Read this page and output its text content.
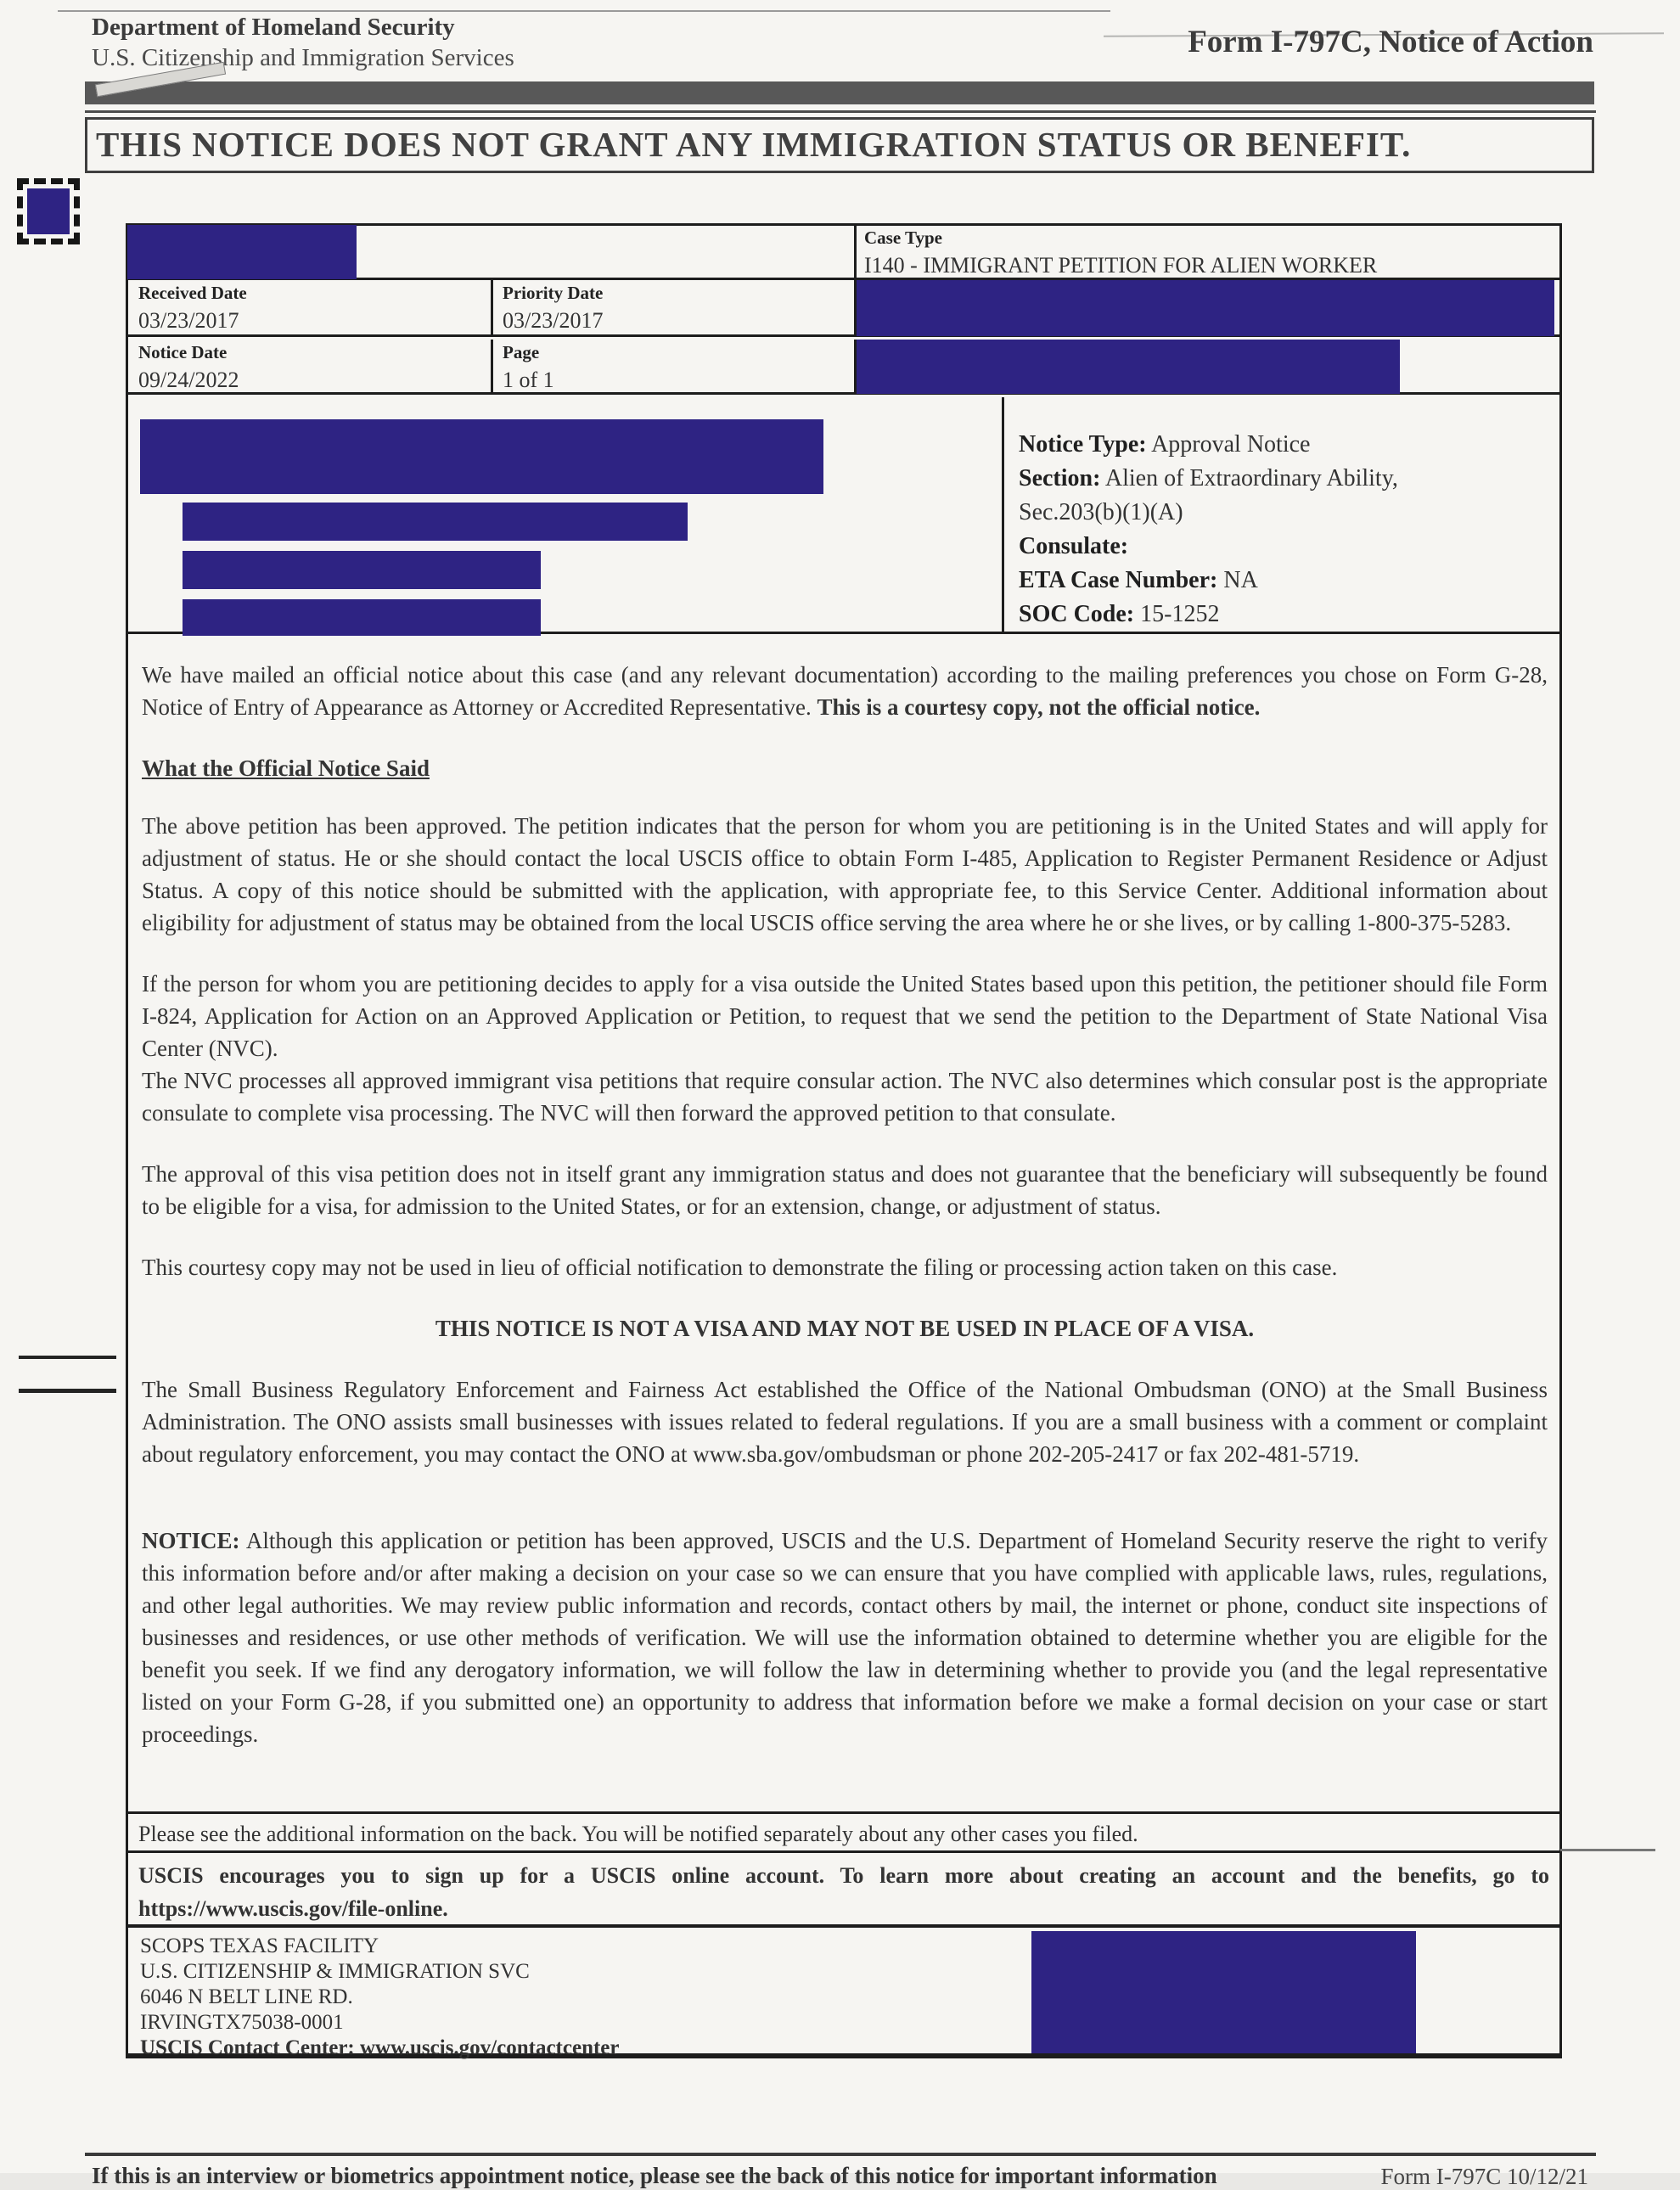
Department of Homeland Security
U.S. Citizenship and Immigration Services	Form I-797C, Notice of Action
THIS NOTICE DOES NOT GRANT ANY IMMIGRATION STATUS OR BENEFIT.
Case Type
I140 - IMMIGRANT PETITION FOR ALIEN WORKER
Received Date
03/23/2017
Priority Date
03/23/2017
Notice Date
09/24/2022
Page
1 of 1
Notice Type: Approval Notice
Section: Alien of Extraordinary Ability,
Sec.203(b)(1)(A)
Consulate:
ETA Case Number: NA
SOC Code: 15-1252

We have mailed an official notice about this case (and any relevant documentation) according to the mailing preferences you chose on Form G-28, Notice of Entry of Appearance as Attorney or Accredited Representative. This is a courtesy copy, not the official notice.

What the Official Notice Said

The above petition has been approved. The petition indicates that the person for whom you are petitioning is in the United States and will apply for adjustment of status. He or she should contact the local USCIS office to obtain Form I-485, Application to Register Permanent Residence or Adjust Status. A copy of this notice should be submitted with the application, with appropriate fee, to this Service Center. Additional information about eligibility for adjustment of status may be obtained from the local USCIS office serving the area where he or she lives, or by calling 1-800-375-5283.

If the person for whom you are petitioning decides to apply for a visa outside the United States based upon this petition, the petitioner should file Form I-824, Application for Action on an Approved Application or Petition, to request that we send the petition to the Department of State National Visa Center (NVC).

The NVC processes all approved immigrant visa petitions that require consular action. The NVC also determines which consular post is the appropriate consulate to complete visa processing. The NVC will then forward the approved petition to that consulate.

The approval of this visa petition does not in itself grant any immigration status and does not guarantee that the beneficiary will subsequently be found to be eligible for a visa, for admission to the United States, or for an extension, change, or adjustment of status.

This courtesy copy may not be used in lieu of official notification to demonstrate the filing or processing action taken on this case.

THIS NOTICE IS NOT A VISA AND MAY NOT BE USED IN PLACE OF A VISA.

The Small Business Regulatory Enforcement and Fairness Act established the Office of the National Ombudsman (ONO) at the Small Business Administration. The ONO assists small businesses with issues related to federal regulations. If you are a small business with a comment or complaint about regulatory enforcement, you may contact the ONO at www.sba.gov/ombudsman or phone 202-205-2417 or fax 202-481-5719.

NOTICE: Although this application or petition has been approved, USCIS and the U.S. Department of Homeland Security reserve the right to verify this information before and/or after making a decision on your case so we can ensure that you have complied with applicable laws, rules, regulations, and other legal authorities. We may review public information and records, contact others by mail, the internet or phone, conduct site inspections of businesses and residences, or use other methods of verification. We will use the information obtained to determine whether you are eligible for the benefit you seek. If we find any derogatory information, we will follow the law in determining whether to provide you (and the legal representative listed on your Form G-28, if you submitted one) an opportunity to address that information before we make a formal decision on your case or start proceedings.

Please see the additional information on the back. You will be notified separately about any other cases you filed.
USCIS encourages you to sign up for a USCIS online account. To learn more about creating an account and the benefits, go to https://www.uscis.gov/file-online.
SCOPS TEXAS FACILITY
U.S. CITIZENSHIP & IMMIGRATION SVC
6046 N BELT LINE RD.
IRVINGTX75038-0001
USCIS Contact Center: www.uscis.gov/contactcenter
If this is an interview or biometrics appointment notice, please see the back of this notice for important information	Form I-797C 10/12/21
